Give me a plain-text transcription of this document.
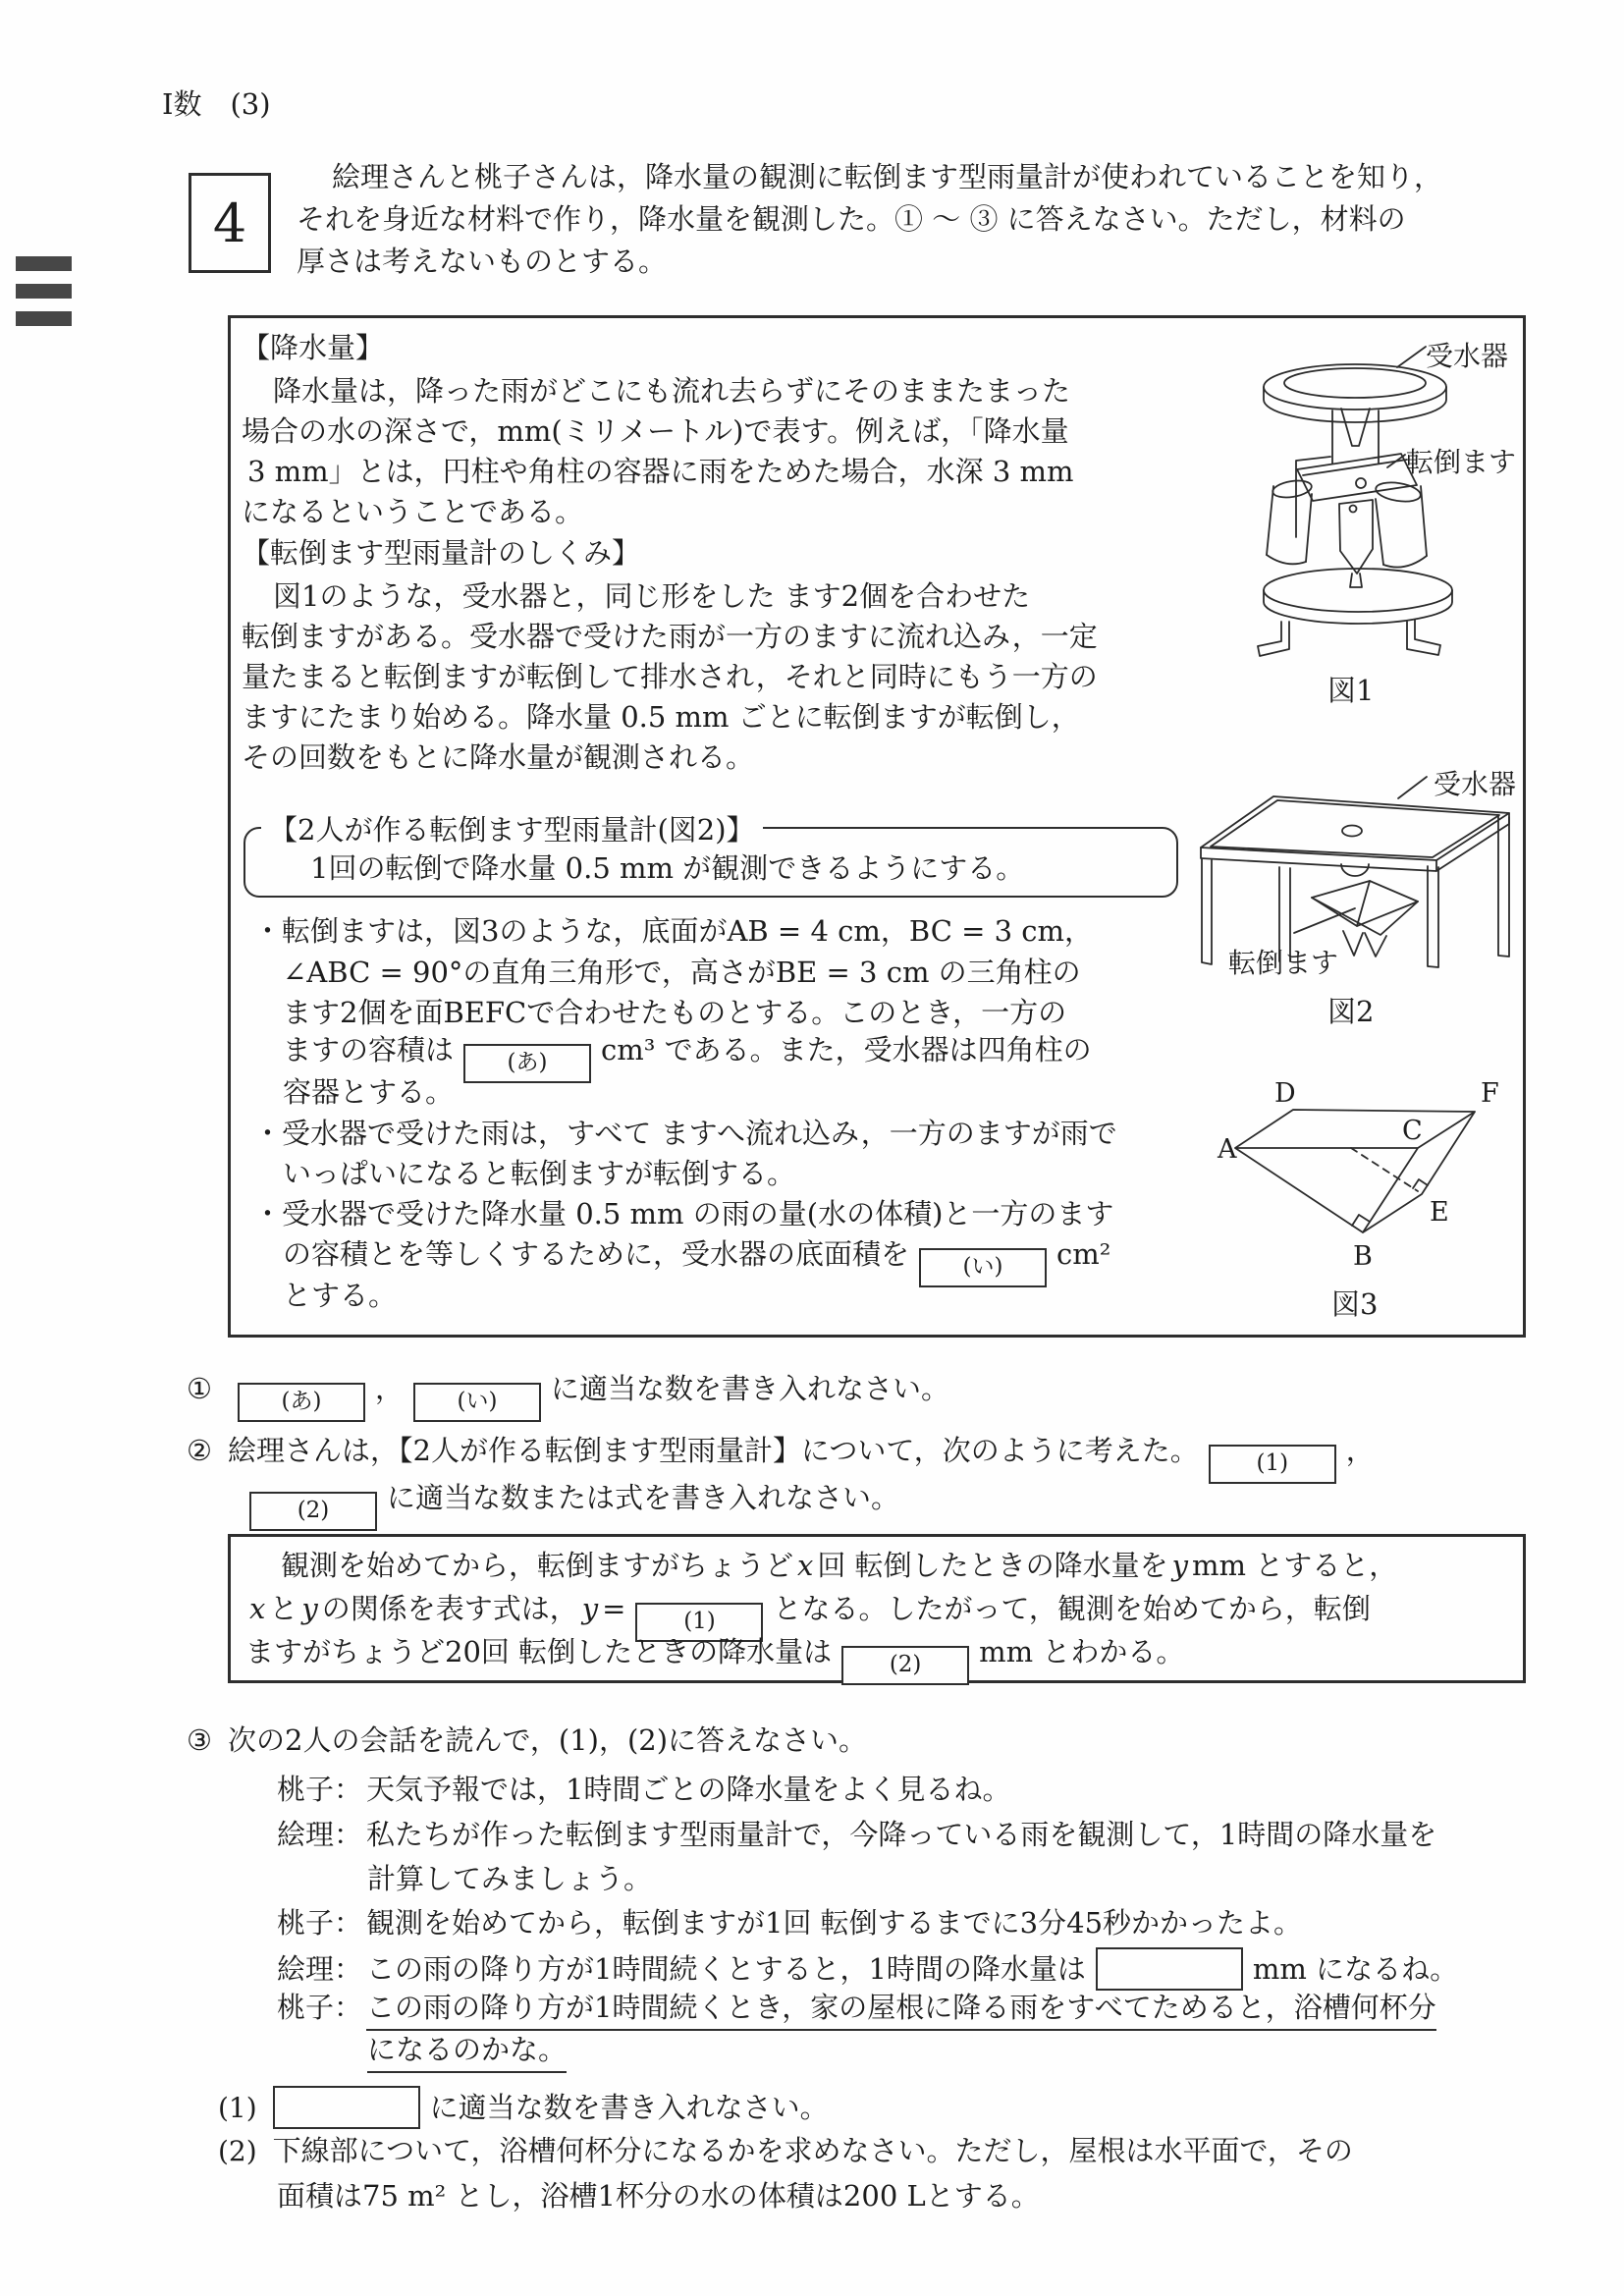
Ⅰ数　(3)
4
絵理さんと桃子さんは，降水量の観測に転倒ます型雨量計が使われていることを知り，
それを身近な材料で作り，降水量を観測した。① ～ ③ に答えなさい。ただし，材料の
厚さは考えないものとする。
【降水量】
降水量は，降った雨がどこにも流れ去らずにそのままたまった
場合の水の深さで，mm(ミリメートル)で表す。例えば，「降水量
3 mm」とは，円柱や角柱の容器に雨をためた場合，水深 3 mm
になるということである。
【転倒ます型雨量計のしくみ】
図1のような，受水器と，同じ形をした ます2個を合わせた
転倒ますがある。受水器で受けた雨が一方のますに流れ込み，一定
量たまると転倒ますが転倒して排水され，それと同時にもう一方の
ますにたまり始める。降水量 0.5 mm ごとに転倒ますが転倒し，
その回数をもとに降水量が観測される。
【2人が作る転倒ます型雨量計(図2)】
1回の転倒で降水量 0.5 mm が観測できるようにする。
・転倒ますは，図3のような，底面がAB = 4 cm，BC = 3 cm，
∠ABC = 90°の直角三角形で，高さがBE = 3 cm の三角柱の
ます2個を面BEFCで合わせたものとする。このとき，一方の
ますの容積は (あ) cm³ である。また，受水器は四角柱の
容器とする。
・受水器で受けた雨は，すべて ますへ流れ込み，一方のますが雨で
いっぱいになると転倒ますが転倒する。
・受水器で受けた降水量 0.5 mm の雨の量(水の体積)と一方のます
の容積とを等しくするために，受水器の底面積を (い) cm²
とする。
受水器
転倒ます
図1
受水器
転倒ます
図2
A
D	F
C
E
B
図3
①	(あ) ， (い) に適当な数を書き入れなさい。
② 絵理さんは，【2人が作る転倒ます型雨量計】について，次のように考えた。	(1) ，
(2) に適当な数または式を書き入れなさい。
観測を始めてから，転倒ますがちょうど x 回 転倒したときの降水量を y mm とすると，
x と y の関係を表す式は， y =	(1) となる。したがって，観測を始めてから，転倒
ますがちょうど20回 転倒したときの降水量は	(2) mm とわかる。
③ 次の2人の会話を読んで，(1)，(2)に答えなさい。
桃子： 天気予報では，1時間ごとの降水量をよく見るね。
絵理： 私たちが作った転倒ます型雨量計で，今降っている雨を観測して，1時間の降水量を
計算してみましょう。
桃子： 観測を始めてから，転倒ますが1回 転倒するまでに3分45秒かかったよ。
絵理： この雨の降り方が1時間続くとすると，1時間の降水量は	mm になるね。
桃子： この雨の降り方が1時間続くとき，家の屋根に降る雨をすべてためると，浴槽何杯分
になるのかな。
(1)	に適当な数を書き入れなさい。
(2) 下線部について，浴槽何杯分になるかを求めなさい。ただし，屋根は水平面で，その
面積は75 m² とし，浴槽1杯分の水の体積は200 Lとする。
